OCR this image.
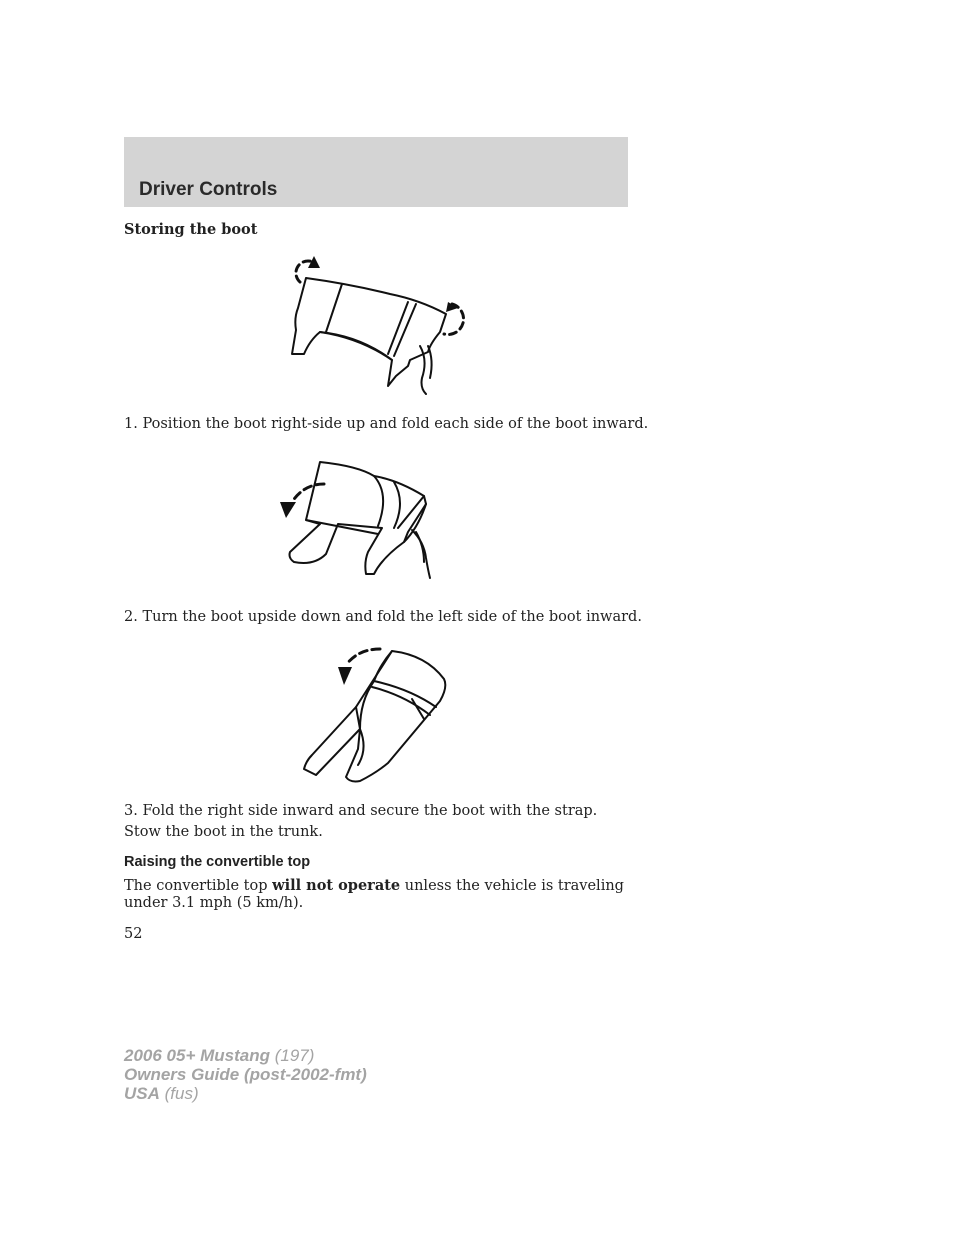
Driver Controls
Storing the boot
1. Position the boot right-side up and fold each side of the boot inward.
2. Turn the boot upside down and fold the left side of the boot inward.
3. Fold the right side inward and secure the boot with the strap.
Stow the boot in the trunk.
Raising the convertible top
The convertible top will not operate unless the vehicle is traveling under 3.1 mph (5 km/h).
52
2006 05+ Mustang (197)
Owners Guide (post-2002-fmt)
USA (fus)
